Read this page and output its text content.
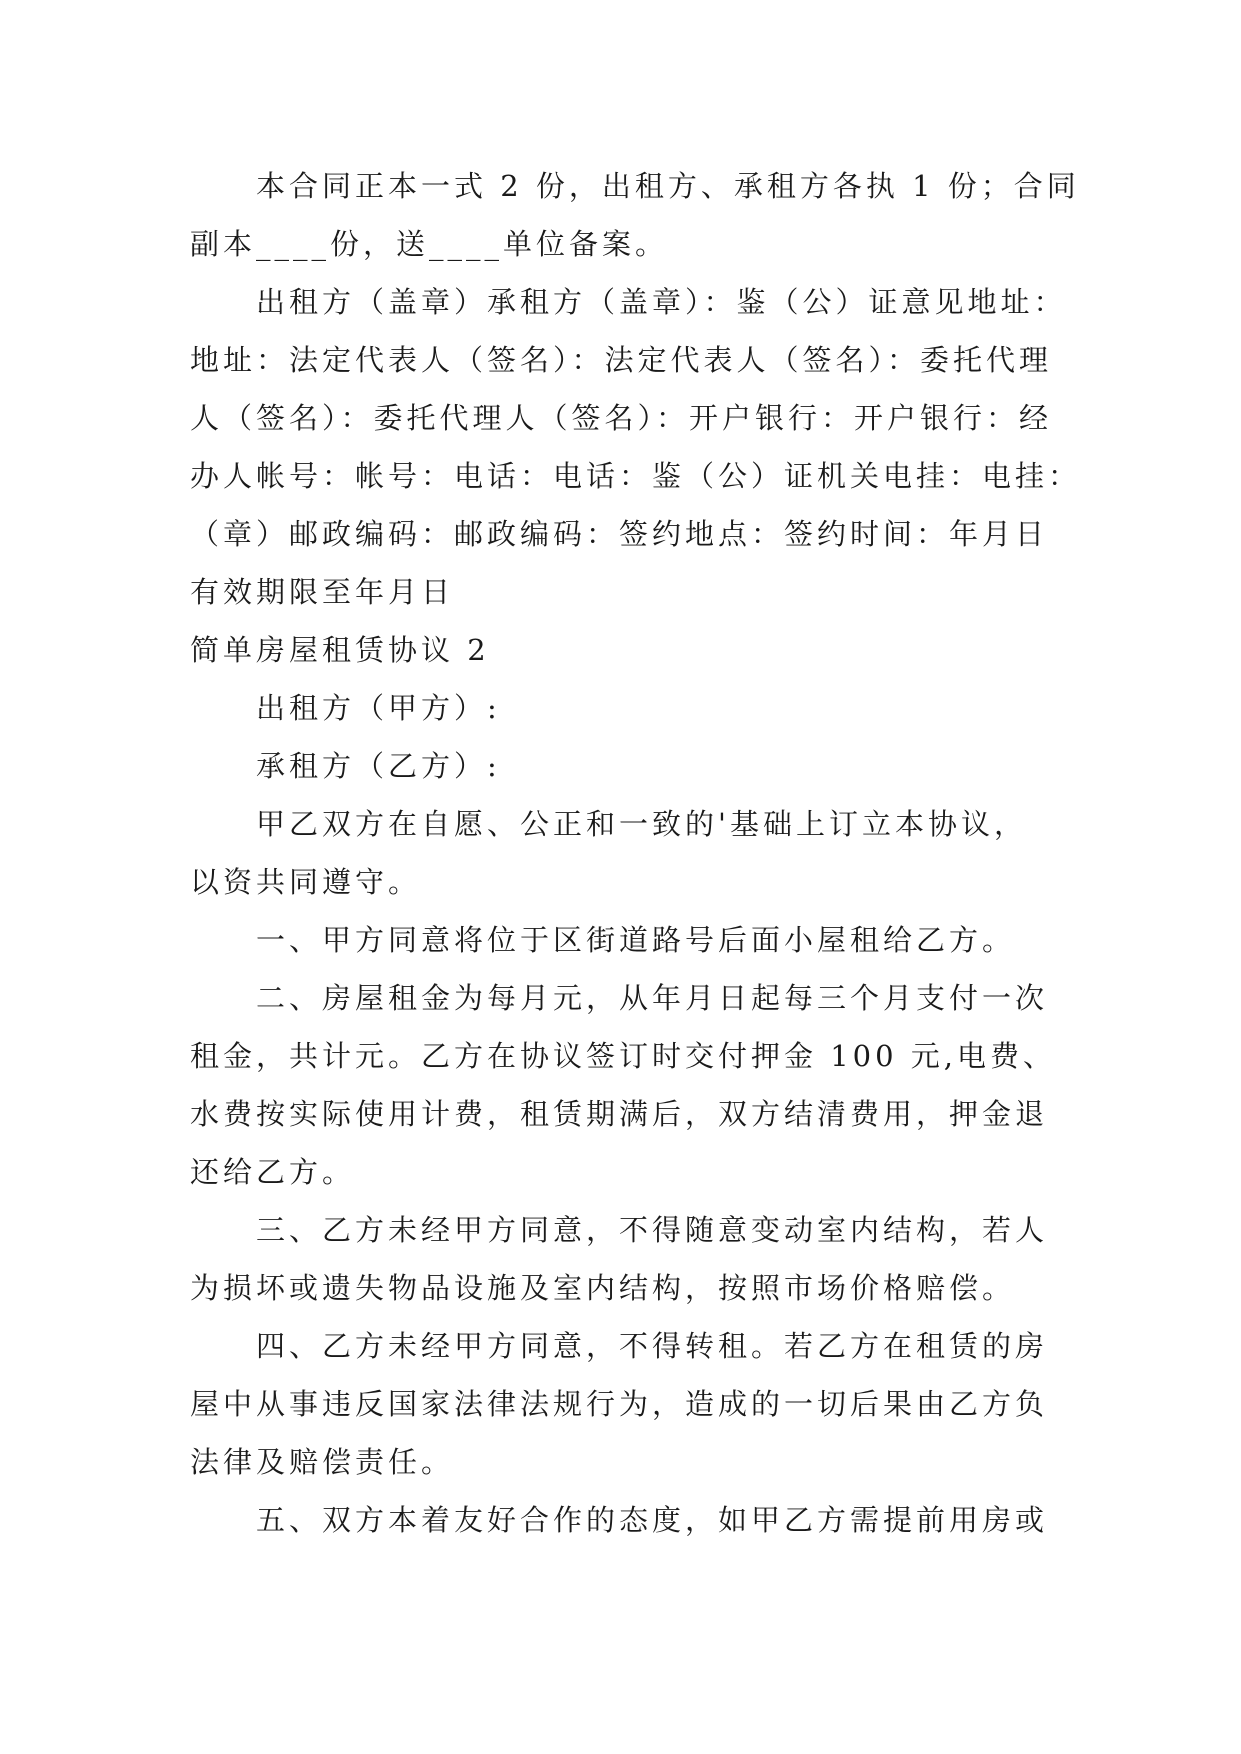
本合同正本一式 2 份，出租方、承租方各执 1 份；合同
副本____份，送____单位备案。
出租方（盖章）承租方（盖章）：鉴（公）证意见地址：
地址：法定代表人（签名）：法定代表人（签名）：委托代理
人（签名）：委托代理人（签名）：开户银行：开户银行：经
办人帐号：帐号：电话：电话：鉴（公）证机关电挂：电挂：
（章）邮政编码：邮政编码：签约地点：签约时间：年月日
有效期限至年月日
简单房屋租赁协议 2
出租方（甲方）:
承租方（乙方）:
甲乙双方在自愿、公正和一致的'基础上订立本协议，
以资共同遵守。
一、甲方同意将位于区街道路号后面小屋租给乙方。
二、房屋租金为每月元，从年月日起每三个月支付一次
租金，共计元。乙方在协议签订时交付押金 100 元,电费、
水费按实际使用计费，租赁期满后，双方结清费用，押金退
还给乙方。
三、乙方未经甲方同意，不得随意变动室内结构，若人
为损坏或遗失物品设施及室内结构，按照市场价格赔偿。
四、乙方未经甲方同意，不得转租。若乙方在租赁的房
屋中从事违反国家法律法规行为，造成的一切后果由乙方负
法律及赔偿责任。
五、双方本着友好合作的态度，如甲乙方需提前用房或
